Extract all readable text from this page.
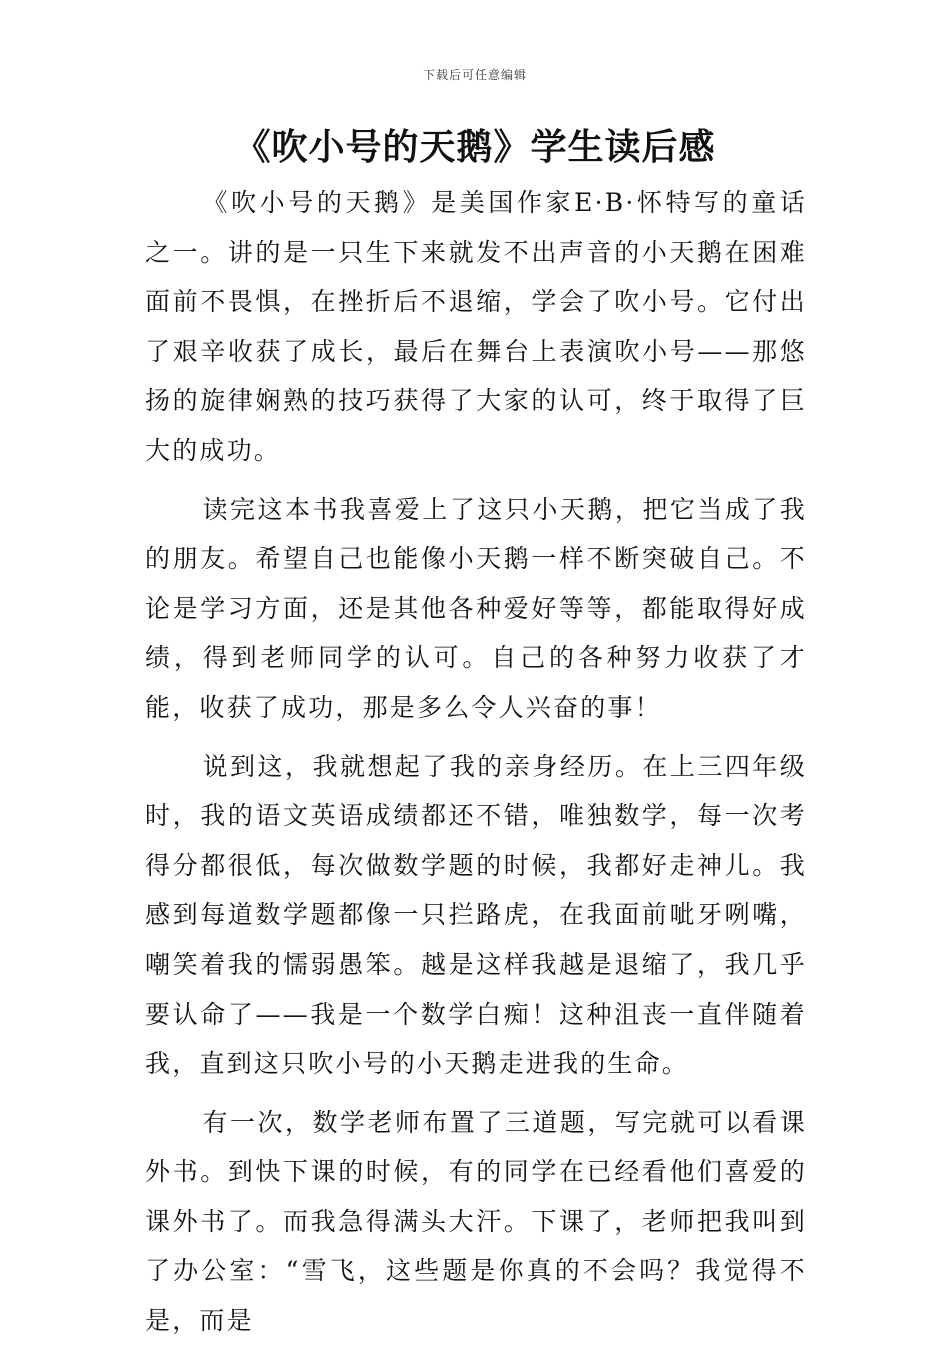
下载后可任意编辑
《吹小号的天鹅》学生读后感

《吹小号的天鹅》是美国作家E·B·怀特写的童话之一。讲的是一只生下来就发不出声音的小天鹅在困难面前不畏惧，在挫折后不退缩，学会了吹小号。它付出了艰辛收获了成长，最后在舞台上表演吹小号——那悠扬的旋律娴熟的技巧获得了大家的认可，终于取得了巨大的成功。

读完这本书我喜爱上了这只小天鹅，把它当成了我的朋友。希望自己也能像小天鹅一样不断突破自己。不论是学习方面，还是其他各种爱好等等，都能取得好成绩，得到老师同学的认可。自己的各种努力收获了才能，收获了成功，那是多么令人兴奋的事！

说到这，我就想起了我的亲身经历。在上三四年级时，我的语文英语成绩都还不错，唯独数学，每一次考得分都很低，每次做数学题的时候，我都好走神儿。我感到每道数学题都像一只拦路虎，在我面前呲牙咧嘴，嘲笑着我的懦弱愚笨。越是这样我越是退缩了，我几乎要认命了——我是一个数学白痴！这种沮丧一直伴随着我，直到这只吹小号的小天鹅走进我的生命。

有一次，数学老师布置了三道题，写完就可以看课外书。到快下课的时候，有的同学在已经看他们喜爱的课外书了。而我急得满头大汗。下课了，老师把我叫到了办公室：“雪飞，这些题是你真的不会吗？我觉得不是，而是
